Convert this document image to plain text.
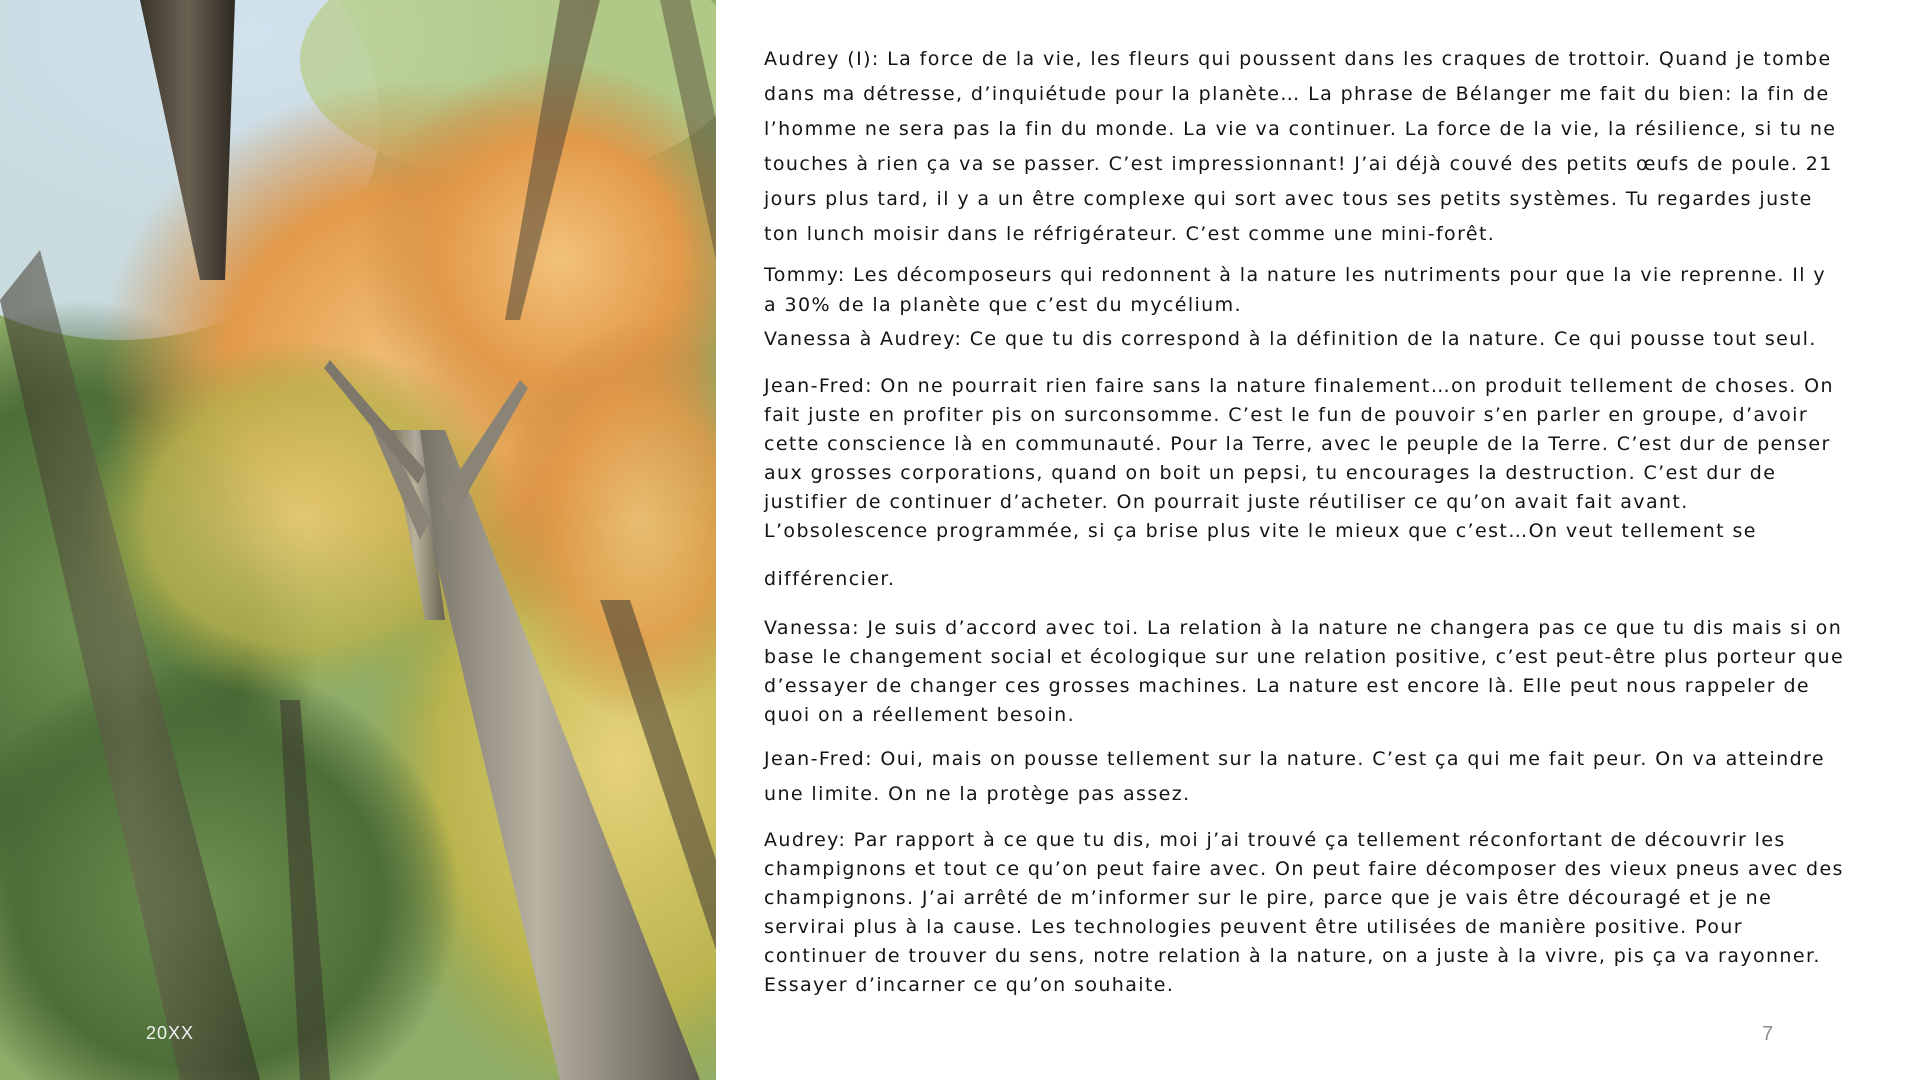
20XX

Audrey (I): La force de la vie, les fleurs qui poussent dans les craques de trottoir. Quand je tombe
dans ma détresse, d’inquiétude pour la planète… La phrase de Bélanger me fait du bien: la fin de
l’homme ne sera pas la fin du monde. La vie va continuer. La force de la vie, la résilience, si tu ne
touches à rien ça va se passer. C’est impressionnant! J’ai déjà couvé des petits œufs de poule. 21
jours plus tard, il y a un être complexe qui sort avec tous ses petits systèmes. Tu regardes juste
ton lunch moisir dans le réfrigérateur. C’est comme une mini-forêt.

Tommy: Les décomposeurs qui redonnent à la nature les nutriments pour que la vie reprenne. Il y
a 30% de la planète que c’est du mycélium.

Vanessa à Audrey: Ce que tu dis correspond à la définition de la nature. Ce qui pousse tout seul.

Jean-Fred: On ne pourrait rien faire sans la nature finalement…on produit tellement de choses. On
fait juste en profiter pis on surconsomme. C’est le fun de pouvoir s’en parler en groupe, d’avoir
cette conscience là en communauté. Pour la Terre, avec le peuple de la Terre. C’est dur de penser
aux grosses corporations, quand on boit un pepsi, tu encourages la destruction. C’est dur de
justifier de continuer d’acheter. On pourrait juste réutiliser ce qu’on avait fait avant.
L’obsolescence programmée, si ça brise plus vite le mieux que c’est…On veut tellement se

différencier.

Vanessa: Je suis d’accord avec toi. La relation à la nature ne changera pas ce que tu dis mais si on
base le changement social et écologique sur une relation positive, c’est peut-être plus porteur que
d’essayer de changer ces grosses machines. La nature est encore là. Elle peut nous rappeler de
quoi on a réellement besoin.

Jean-Fred: Oui, mais on pousse tellement sur la nature. C’est ça qui me fait peur. On va atteindre
une limite. On ne la protège pas assez.

Audrey: Par rapport à ce que tu dis, moi j’ai trouvé ça tellement réconfortant de découvrir les
champignons et tout ce qu’on peut faire avec. On peut faire décomposer des vieux pneus avec des
champignons. J’ai arrêté de m’informer sur le pire, parce que je vais être découragé et je ne
servirai plus à la cause. Les technologies peuvent être utilisées de manière positive. Pour
continuer de trouver du sens, notre relation à la nature, on a juste à la vivre, pis ça va rayonner.
Essayer d’incarner ce qu’on souhaite.

7
